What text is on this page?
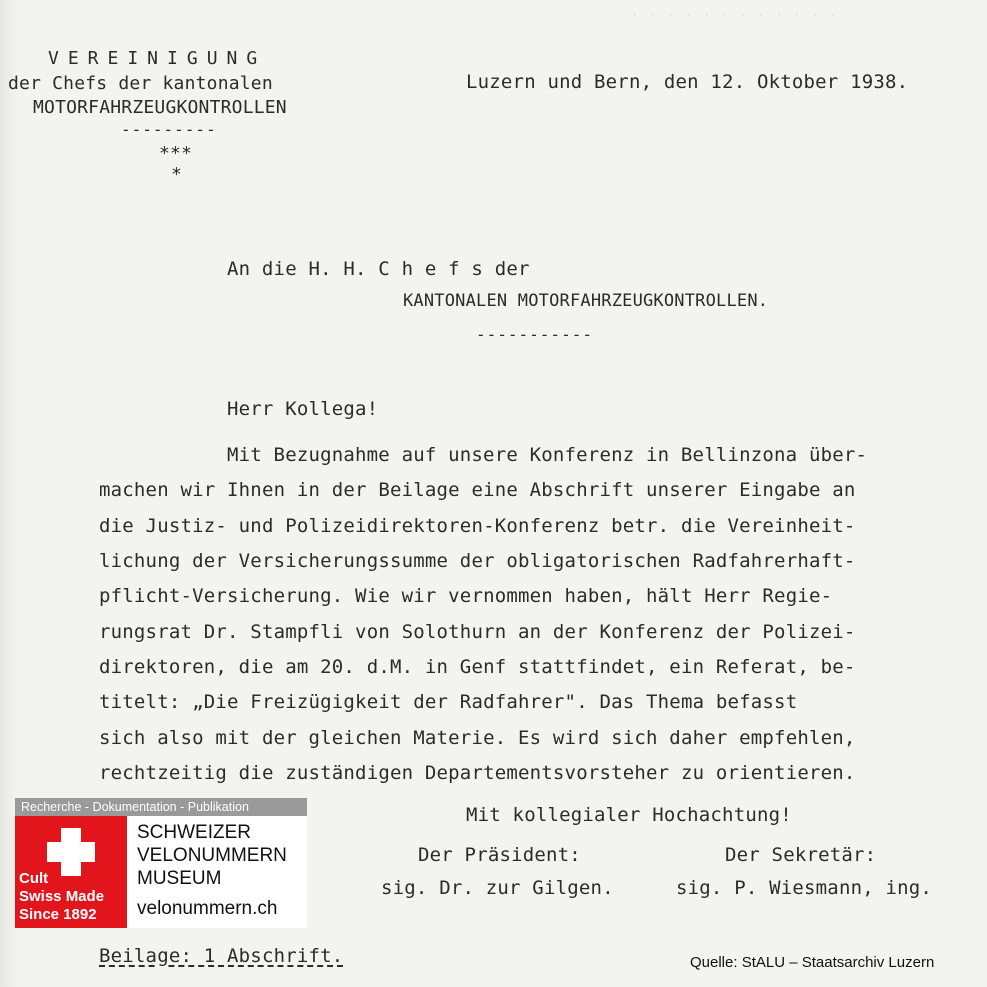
. . . . . . . . . . . .
VEREINIGUNG
der Chefs der kantonalen
MOTORFAHRZEUGKONTROLLEN
---------
***
*
Luzern und Bern, den 12. Oktober 1938.
An die H. H. C h e f s der
KANTONALEN MOTORFAHRZEUGKONTROLLEN.
-----------
Herr Kollega!
Mit Bezugnahme auf unsere Konferenz in Bellinzona über-
machen wir Ihnen in der Beilage eine Abschrift unserer Eingabe an
die Justiz- und Polizeidirektoren-Konferenz betr. die Vereinheit-
lichung der Versicherungssumme der obligatorischen Radfahrerhaft-
pflicht-Versicherung. Wie wir vernommen haben, hält Herr Regie-
rungsrat Dr. Stampfli von Solothurn an der Konferenz der Polizei-
direktoren, die am 20. d.M. in Genf stattfindet, ein Referat, be-
titelt: „Die Freizügigkeit der Radfahrer". Das Thema befasst
sich also mit der gleichen Materie. Es wird sich daher empfehlen,
rechtzeitig die zuständigen Departementsvorsteher zu orientieren.
Mit kollegialer Hochachtung!
Der Präsident:	Der Sekretär:
sig. Dr. zur Gilgen.	sig. P. Wiesmann, ing.
Beilage: 1 Abschrift.
Recherche - Dokumentation - Publikation
Cult
Swiss Made
Since 1892
SCHWEIZER
VELONUMMERN
MUSEUM
velonummern.ch
Quelle: StALU – Staatsarchiv Luzern
